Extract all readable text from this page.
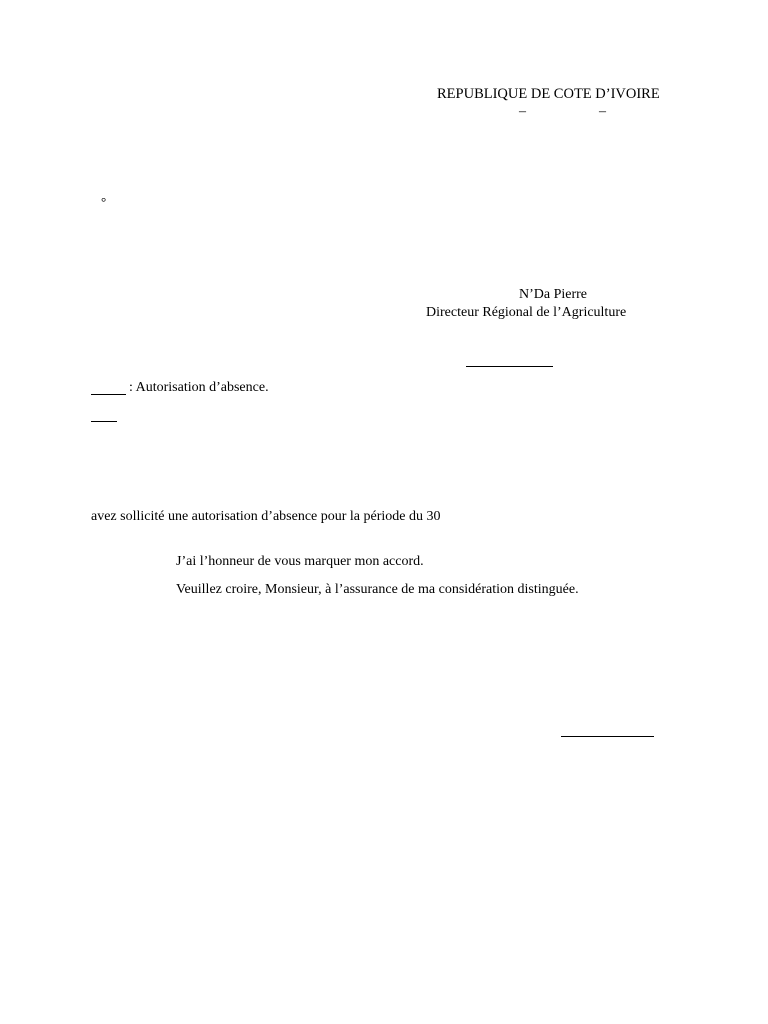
REPUBLIQUE DE COTE D’IVOIRE
–	–
°
N’Da Pierre
Directeur Régional de l’Agriculture
: Autorisation d’absence.
avez sollicité une autorisation d’absence pour la période du 30
J’ai l’honneur de vous marquer mon accord.
Veuillez croire, Monsieur, à l’assurance de ma considération distinguée.
